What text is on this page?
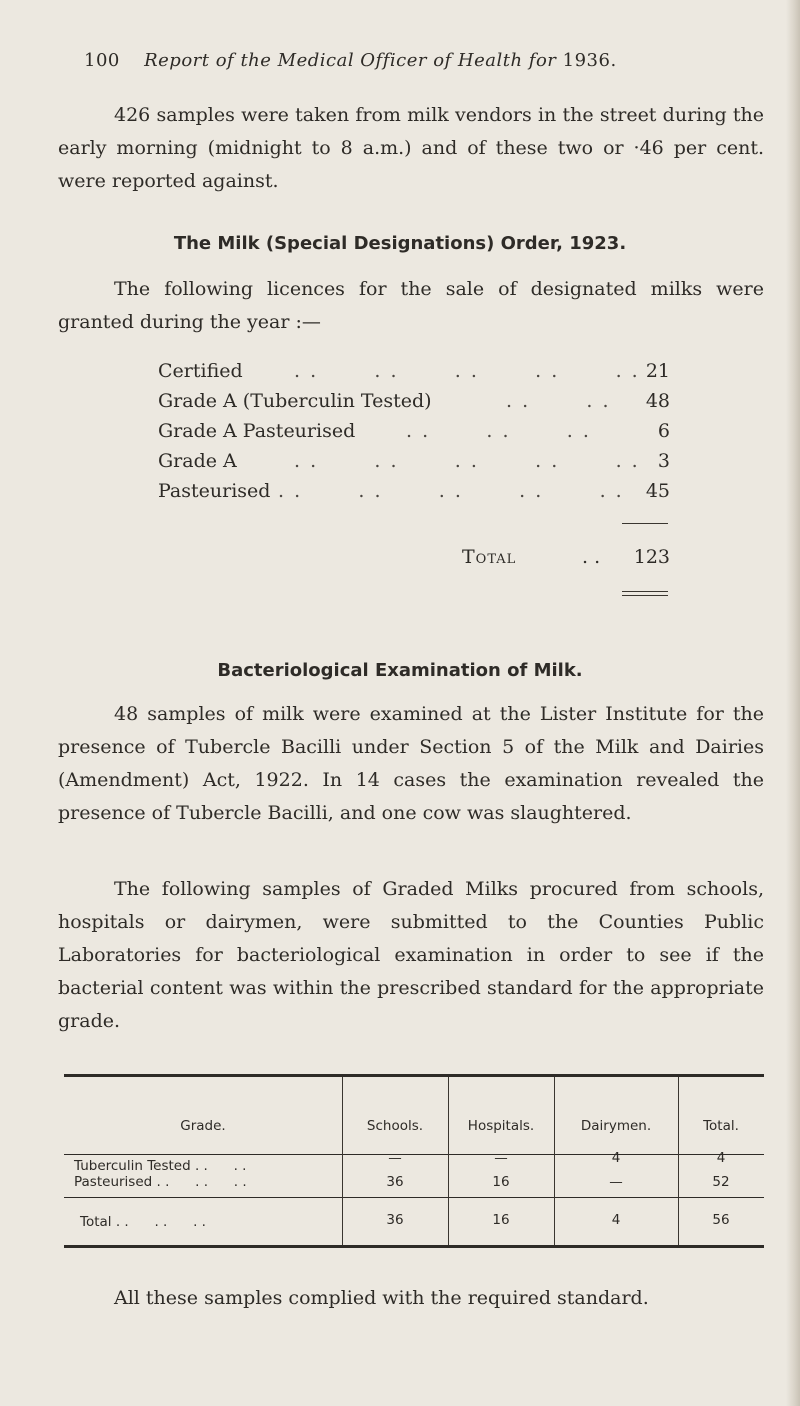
100 Report of the Medical Officer of Health for 1936.

426 samples were taken from milk vendors in the street during the early morning (midnight to 8 a.m.) and of these two or ·46 per cent. were reported against.

The Milk (Special Designations) Order, 1923.

The following licences for the sale of designated milks were granted during the year :—

Certified	. .       . .       . .       . .       . . 21
Grade A (Tuberculin Tested)	. .       . . 48
Grade A Pasteurised	. .       . .       . .	6
Grade A	. .       . .       . .       . .       . . 3
Pasteurised . .       . .       . .       . .       . . 45
Total	. . 123
Bacteriological Examination of Milk.

48 samples of milk were examined at the Lister Institute for the presence of Tubercle Bacilli under Section 5 of the Milk and Dairies (Amendment) Act, 1922. In 14 cases the examination revealed the presence of Tubercle Bacilli, and one cow was slaughtered.

The following samples of Graded Milks procured from schools, hospitals or dairymen, were submitted to the Counties Public Laboratories for bacteriological examination in order to see if the bacterial content was within the prescribed standard for the appropriate grade.

Grade.	Schools.	Hospitals.	Dairymen.	Total.
Tuberculin Tested . .      . .	—	—	4	4
Pasteurised . .      . .      . .	36	16	—	52
Total . .      . .      . .	36	16	4	56

All these samples complied with the required standard.
